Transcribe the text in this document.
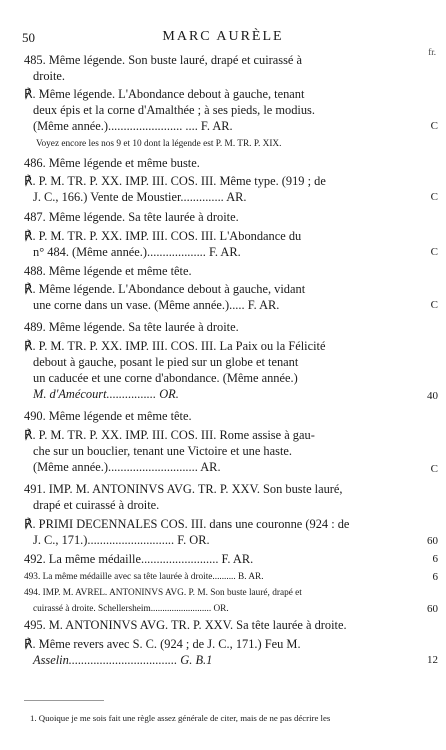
50	MARC AURÈLE
fr.
485. Même légende. Son buste lauré, drapé et cuirassé à
droite.
℟. Même légende. L'Abondance debout à gauche, tenant
deux épis et la corne d'Amalthée ; à ses pieds, le modius.
(Même année.)........................ .... F. AR.	C
Voyez encore les nos 9 et 10 dont la légende est P. M. TR. P. XIX.
486. Même légende et même buste.
℟. P. M. TR. P. XX. IMP. III. COS. III. Même type. (919 ; de
J. C., 166.) Vente de Moustier.............. AR.	C
487. Même légende. Sa tête laurée à droite.
℟. P. M. TR. P. XX. IMP. III. COS. III. L'Abondance du
n° 484. (Même année.)................... F. AR.	C
488. Même légende et même tête.
℟. Même légende. L'Abondance debout à gauche, vidant
une corne dans un vase. (Même année.)..... F. AR.	C
489. Même légende. Sa tête laurée à droite.
℟. P. M. TR. P. XX. IMP. III. COS. III. La Paix ou la Félicité
debout à gauche, posant le pied sur un globe et tenant
un caducée et une corne d'abondance. (Même année.)
M. d'Amécourt................ OR.	40
490. Même légende et même tête.
℟. P. M. TR. P. XX. IMP. III. COS. III. Rome assise à gau-
che sur un bouclier, tenant une Victoire et une haste.
(Même année.)............................. AR.	C
491. IMP. M. ANTONINVS AVG. TR. P. XXV. Son buste lauré,
drapé et cuirassé à droite.
℟. PRIMI DECENNALES COS. III. dans une couronne (924 : de
J. C., 171.)............................ F. OR.	60
492. La même médaille......................... F. AR.	6
493. La même médaille avec sa tête laurée à droite.......... B. AR.	6
494. IMP. M. AVREL. ANTONINVS AVG. P. M. Son buste lauré, drapé et
cuirassé à droite. Schellersheim.......................... OR.	60
495. M. ANTONINVS AVG. TR. P. XXV. Sa tête laurée à droite.
℟. Même revers avec S. C. (924 ; de J. C., 171.) Feu M.
Asselin................................... G. B.1	12
1. Quoique je me sois fait une règle assez générale de citer, mais de ne pas décrire les
